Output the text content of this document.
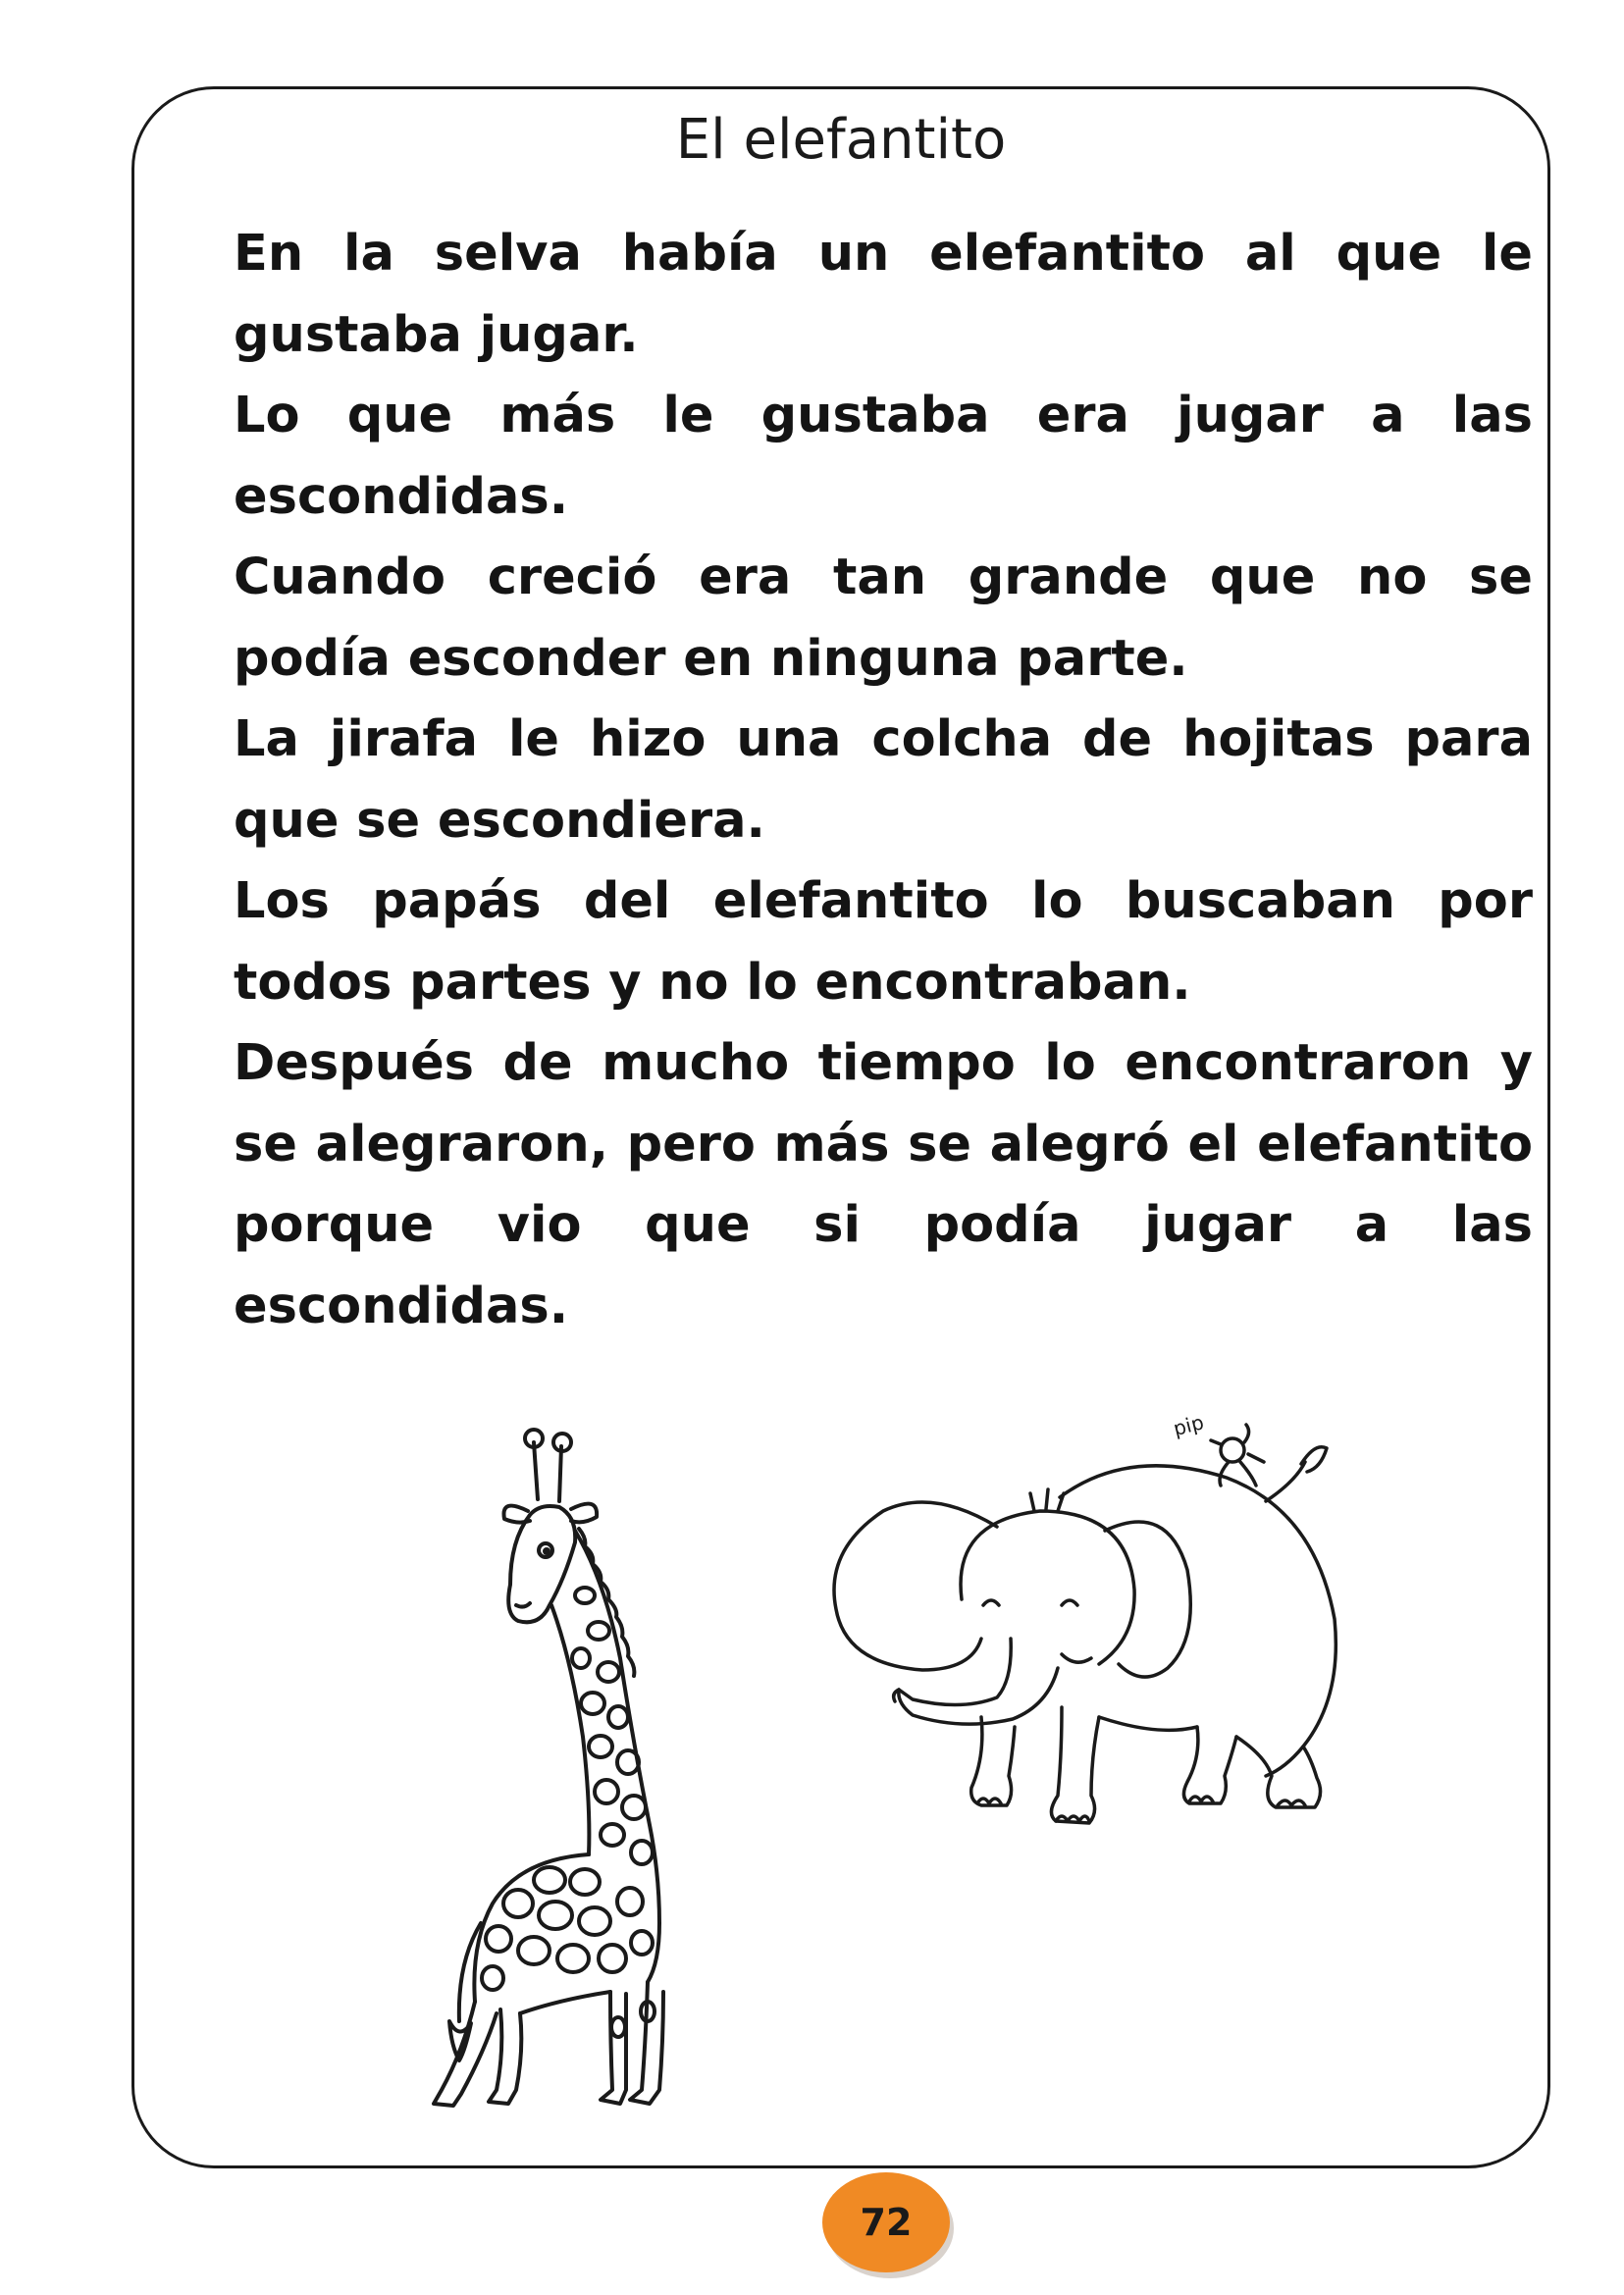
El elefantito

En la selva había un elefantito al que le gustaba jugar.

Lo que más le gustaba era jugar a las escondidas.

Cuando creció era tan grande que no se podía esconder en ninguna parte.

La jirafa le hizo una colcha de hojitas para que se escondiera.

Los papás del elefantito lo buscaban por todos partes y no lo encontraban.

Después de mucho tiempo lo encontraron y se alegraron, pero más se alegró el elefantito porque vio que si podía jugar a las escondidas.

pip
72
